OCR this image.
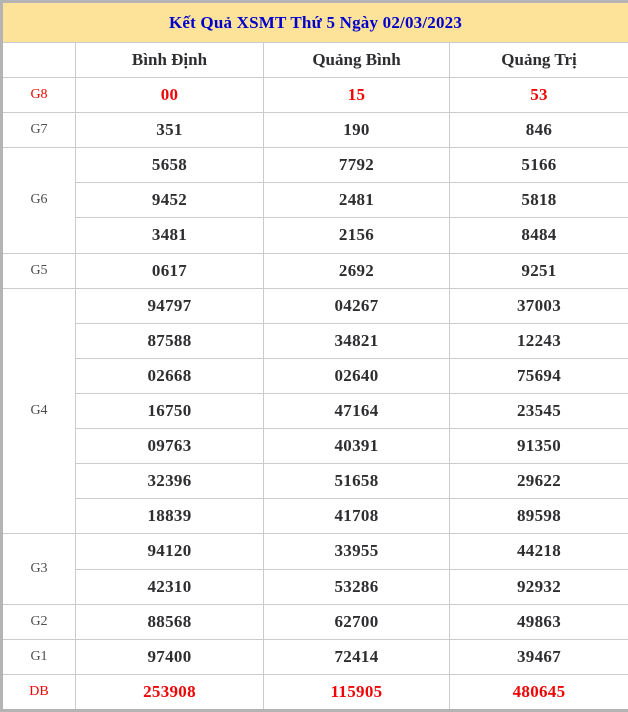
Kết Quả XSMT Thứ 5 Ngày 02/03/2023			
	Bình Định	Quảng Bình	Quảng Trị
G8	00	15	53
G7	351	190	846
G6	5658	7792	5166
	9452	2481	5818
	3481	2156	8484
G5	0617	2692	9251
G4	94797	04267	37003
	87588	34821	12243
	02668	02640	75694
	16750	47164	23545
	09763	40391	91350
	32396	51658	29622
	18839	41708	89598
G3	94120	33955	44218
	42310	53286	92932
G2	88568	62700	49863
G1	97400	72414	39467
DB	253908	115905	480645
